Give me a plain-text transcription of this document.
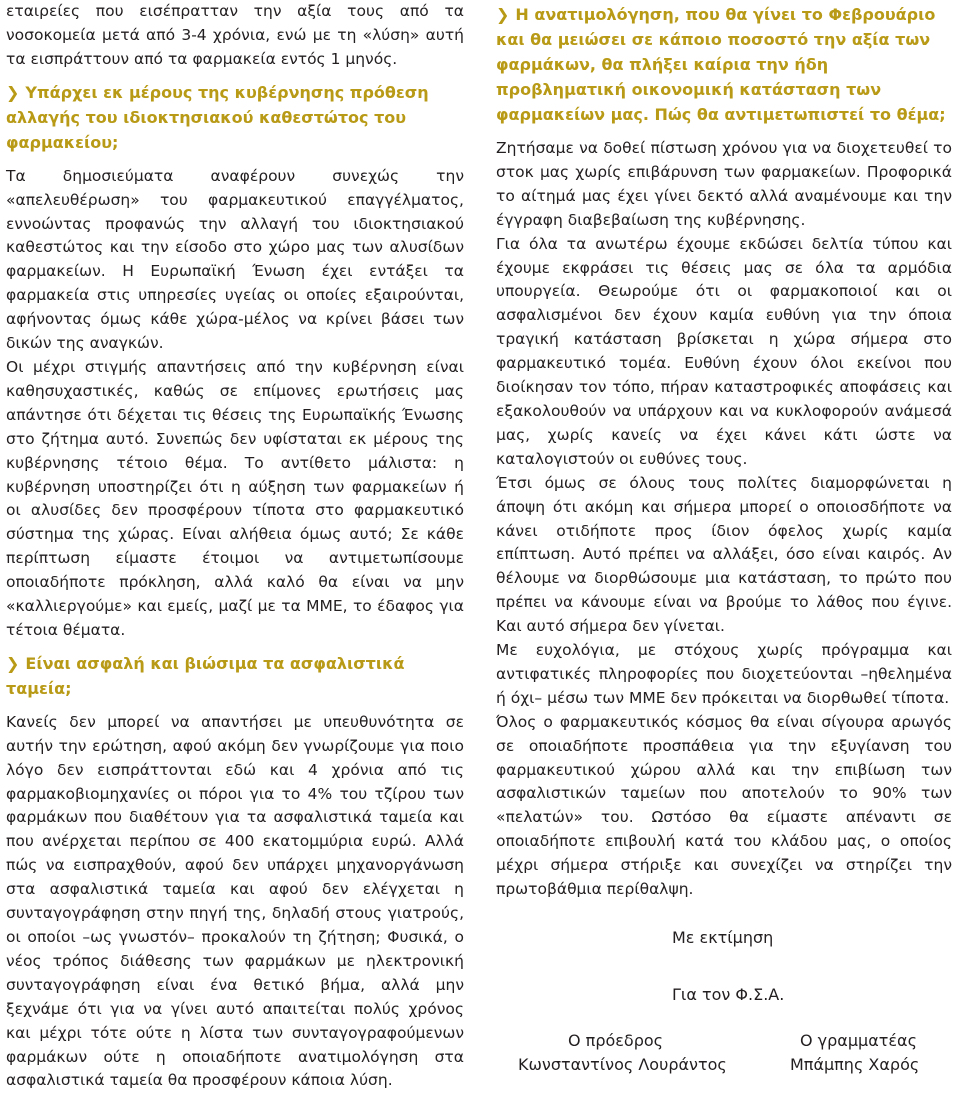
εταιρείες που εισέπρατταν την αξία τους από τα νοσοκομεία μετά από 3-4 χρόνια, ενώ με τη «λύση» αυτή τα εισπράττουν από τα φαρμακεία εντός 1 μηνός.

❯ Υπάρχει εκ μέρους της κυβέρνησης πρόθεση αλλαγής του ιδιοκτησιακού καθεστώτος του φαρμακείου;

Τα δημοσιεύματα αναφέρουν συνεχώς την «απελευθέρωση» του φαρμακευτικού επαγγέλματος, εννοώντας προφανώς την αλλαγή του ιδιοκτησιακού καθεστώτος και την είσοδο στο χώρο μας των αλυσίδων φαρμακείων. Η Ευρωπαϊκή Ένωση έχει εντάξει τα φαρμακεία στις υπηρεσίες υγείας οι οποίες εξαιρούνται, αφήνοντας όμως κάθε χώρα-μέλος να κρίνει βάσει των δικών της αναγκών.

Οι μέχρι στιγμής απαντήσεις από την κυβέρνηση είναι καθησυχαστικές, καθώς σε επίμονες ερωτήσεις μας απάντησε ότι δέχεται τις θέσεις της Ευρωπαϊκής Ένωσης στο ζήτημα αυτό. Συνεπώς δεν υφίσταται εκ μέρους της κυβέρνησης τέτοιο θέμα. Το αντίθετο μάλιστα: η κυβέρνηση υποστηρίζει ότι η αύξηση των φαρμακείων ή οι αλυσίδες δεν προσφέρουν τίποτα στο φαρμακευτικό σύστημα της χώρας. Είναι αλήθεια όμως αυτό; Σε κάθε περίπτωση είμαστε έτοιμοι να αντιμετωπίσουμε οποιαδήποτε πρόκληση, αλλά καλό θα είναι να μην «καλλιεργούμε» και εμείς, μαζί με τα ΜΜΕ, το έδαφος για τέτοια θέματα.

❯ Είναι ασφαλή και βιώσιμα τα ασφαλιστικά ταμεία;

Κανείς δεν μπορεί να απαντήσει με υπευθυνότητα σε αυτήν την ερώτηση, αφού ακόμη δεν γνωρίζουμε για ποιο λόγο δεν εισπράττονται εδώ και 4 χρόνια από τις φαρμακοβιομηχανίες οι πόροι για το 4% του τζίρου των φαρμάκων που διαθέτουν για τα ασφαλιστικά ταμεία και που ανέρχεται περίπου σε 400 εκατομμύρια ευρώ. Αλλά πώς να εισπραχθούν, αφού δεν υπάρχει μηχανοργάνωση στα ασφαλιστικά ταμεία και αφού δεν ελέγχεται η συνταγογράφηση στην πηγή της, δηλαδή στους γιατρούς, οι οποίοι –ως γνωστόν– προκαλούν τη ζήτηση; Φυσικά, ο νέος τρόπος διάθεσης των φαρμάκων με ηλεκτρονική συνταγογράφηση είναι ένα θετικό βήμα, αλλά μην ξεχνάμε ότι για να γίνει αυτό απαιτείται πολύς χρόνος και μέχρι τότε ούτε η λίστα των συνταγογραφούμενων φαρμάκων ούτε η οποιαδήποτε ανατιμολόγηση στα ασφαλιστικά ταμεία θα προσφέρουν κάποια λύση.

❯ Η ανατιμολόγηση, που θα γίνει το Φεβρουάριο και θα μειώσει σε κάποιο ποσοστό την αξία των φαρμάκων, θα πλήξει καίρια την ήδη προβληματική οικονομική κατάσταση των φαρμακείων μας. Πώς θα αντιμετωπιστεί το θέμα;

Ζητήσαμε να δοθεί πίστωση χρόνου για να διοχετευθεί το στοκ μας χωρίς επιβάρυνση των φαρμακείων. Προφορικά το αίτημά μας έχει γίνει δεκτό αλλά αναμένουμε και την έγγραφη διαβεβαίωση της κυβέρνησης.

Για όλα τα ανωτέρω έχουμε εκδώσει δελτία τύπου και έχουμε εκφράσει τις θέσεις μας σε όλα τα αρμόδια υπουργεία. Θεωρούμε ότι οι φαρμακοποιοί και οι ασφαλισμένοι δεν έχουν καμία ευθύνη για την όποια τραγική κατάσταση βρίσκεται η χώρα σήμερα στο φαρμακευτικό τομέα. Ευθύνη έχουν όλοι εκείνοι που διοίκησαν τον τόπο, πήραν καταστροφικές αποφάσεις και εξακολουθούν να υπάρχουν και να κυκλοφορούν ανάμεσά μας, χωρίς κανείς να έχει κάνει κάτι ώστε να καταλογιστούν οι ευθύνες τους.

Έτσι όμως σε όλους τους πολίτες διαμορφώνεται η άποψη ότι ακόμη και σήμερα μπορεί ο οποιοσδήποτε να κάνει οτιδήποτε προς ίδιον όφελος χωρίς καμία επίπτωση. Αυτό πρέπει να αλλάξει, όσο είναι καιρός. Αν θέλουμε να διορθώσουμε μια κατάσταση, το πρώτο που πρέπει να κάνουμε είναι να βρούμε το λάθος που έγινε. Και αυτό σήμερα δεν γίνεται.

Με ευχολόγια, με στόχους χωρίς πρόγραμμα και αντιφατικές πληροφορίες που διοχετεύονται –ηθελημένα ή όχι– μέσω των ΜΜΕ δεν πρόκειται να διορθωθεί τίποτα.

Όλος ο φαρμακευτικός κόσμος θα είναι σίγουρα αρωγός σε οποιαδήποτε προσπάθεια για την εξυγίανση του φαρμακευτικού χώρου αλλά και την επιβίωση των ασφαλιστικών ταμείων που αποτελούν το 90% των «πελατών» του. Ωστόσο θα είμαστε απέναντι σε οποιαδήποτε επιβουλή κατά του κλάδου μας, ο οποίος μέχρι σήμερα στήριξε και συνεχίζει να στηρίζει την πρωτοβάθμια περίθαλψη.

Με εκτίμηση
Για τον Φ.Σ.Α.
Ο πρόεδρος
Κωνσταντίνος Λουράντος
Ο γραμματέας
Μπάμπης Χαρός
